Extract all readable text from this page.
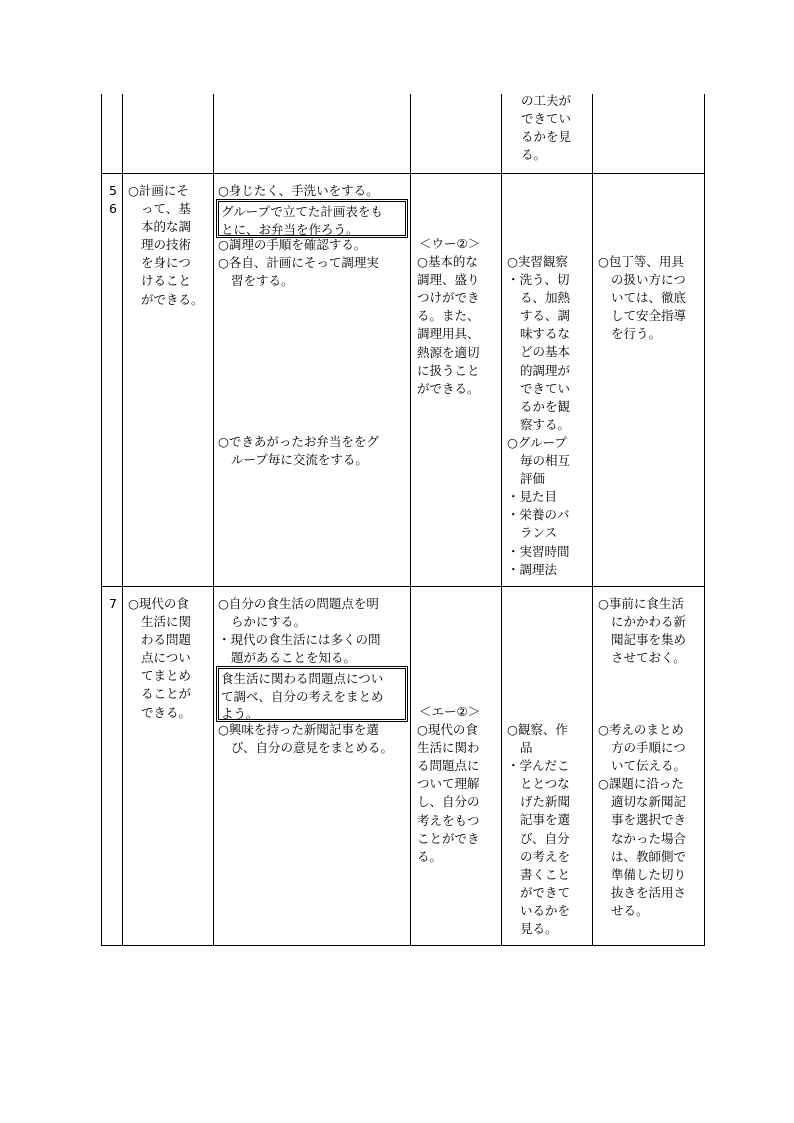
の工夫が
できてい
るかを見
る。
5
6
○計画にそ
って、基
本的な調
理の技術
を身につ
けること
ができる。
○身じたく、手洗いをする。
グループで立てた計画表をも
とに、お弁当を作ろう。
○調理の手順を確認する。
○各自、計画にそって調理実
習をする。
○できあがったお弁当ををグ
ループ毎に交流をする。
＜ウー②＞
○基本的な
調理、盛り
つけができ
る。また、
調理用具、
熱源を適切
に扱うこと
ができる。
○実習観察
・洗う、切
る、加熱
する、調
味するな
どの基本
的調理が
できてい
るかを観
察する。
○グループ
毎の相互
評価
・見た目
・栄養のバ
ランス
・実習時間
・調理法
○包丁等、用具
の扱い方につ
いては、徹底
して安全指導
を行う。
7 ○現代の食
生活に関
わる問題
点につい
てまとめ
ることが
できる。
○自分の食生活の問題点を明
らかにする。
・現代の食生活には多くの問
題があることを知る。
食生活に関わる問題点につい
て調べ、自分の考えをまとめ
よう。
○興味を持った新聞記事を選
び、自分の意見をまとめる。
＜エー②＞
○現代の食
生活に関わ
る問題点に
ついて理解
し、自分の
考えをもつ
ことができ
る。
○観察、作
品
・学んだこ
ととつな
げた新聞
記事を選
び、自分
の考えを
書くこと
ができて
いるかを
見る。
○事前に食生活
にかかわる新
聞記事を集め
させておく。
○考えのまとめ
方の手順につ
いて伝える。
○課題に沿った
適切な新聞記
事を選択でき
なかった場合
は、教師側で
準備した切り
抜きを活用さ
せる。
